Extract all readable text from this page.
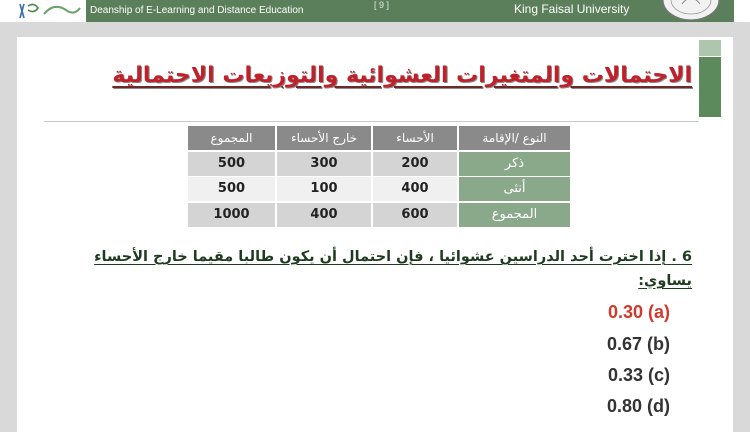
Deanship of E-Learning and Distance Education	[ 9 ]	King Faisal University
الاحتمالات والمتغيرات العشوائية والتوزيعات الاحتمالية
النوع /الإقامة
الأحساء
خارج الأحساء
المجموع
ذكر
200
300
500
أنثى
400
100
500
المجموع
600
400
1000
6 . إذا اخترت أحد الدراسين عشوائيا ، فإن احتمال أن يكون طالبا مقيما خارج الأحساء يساوي:
0.30 (a)
0.67 (b)
0.33 (c)
0.80 (d)
